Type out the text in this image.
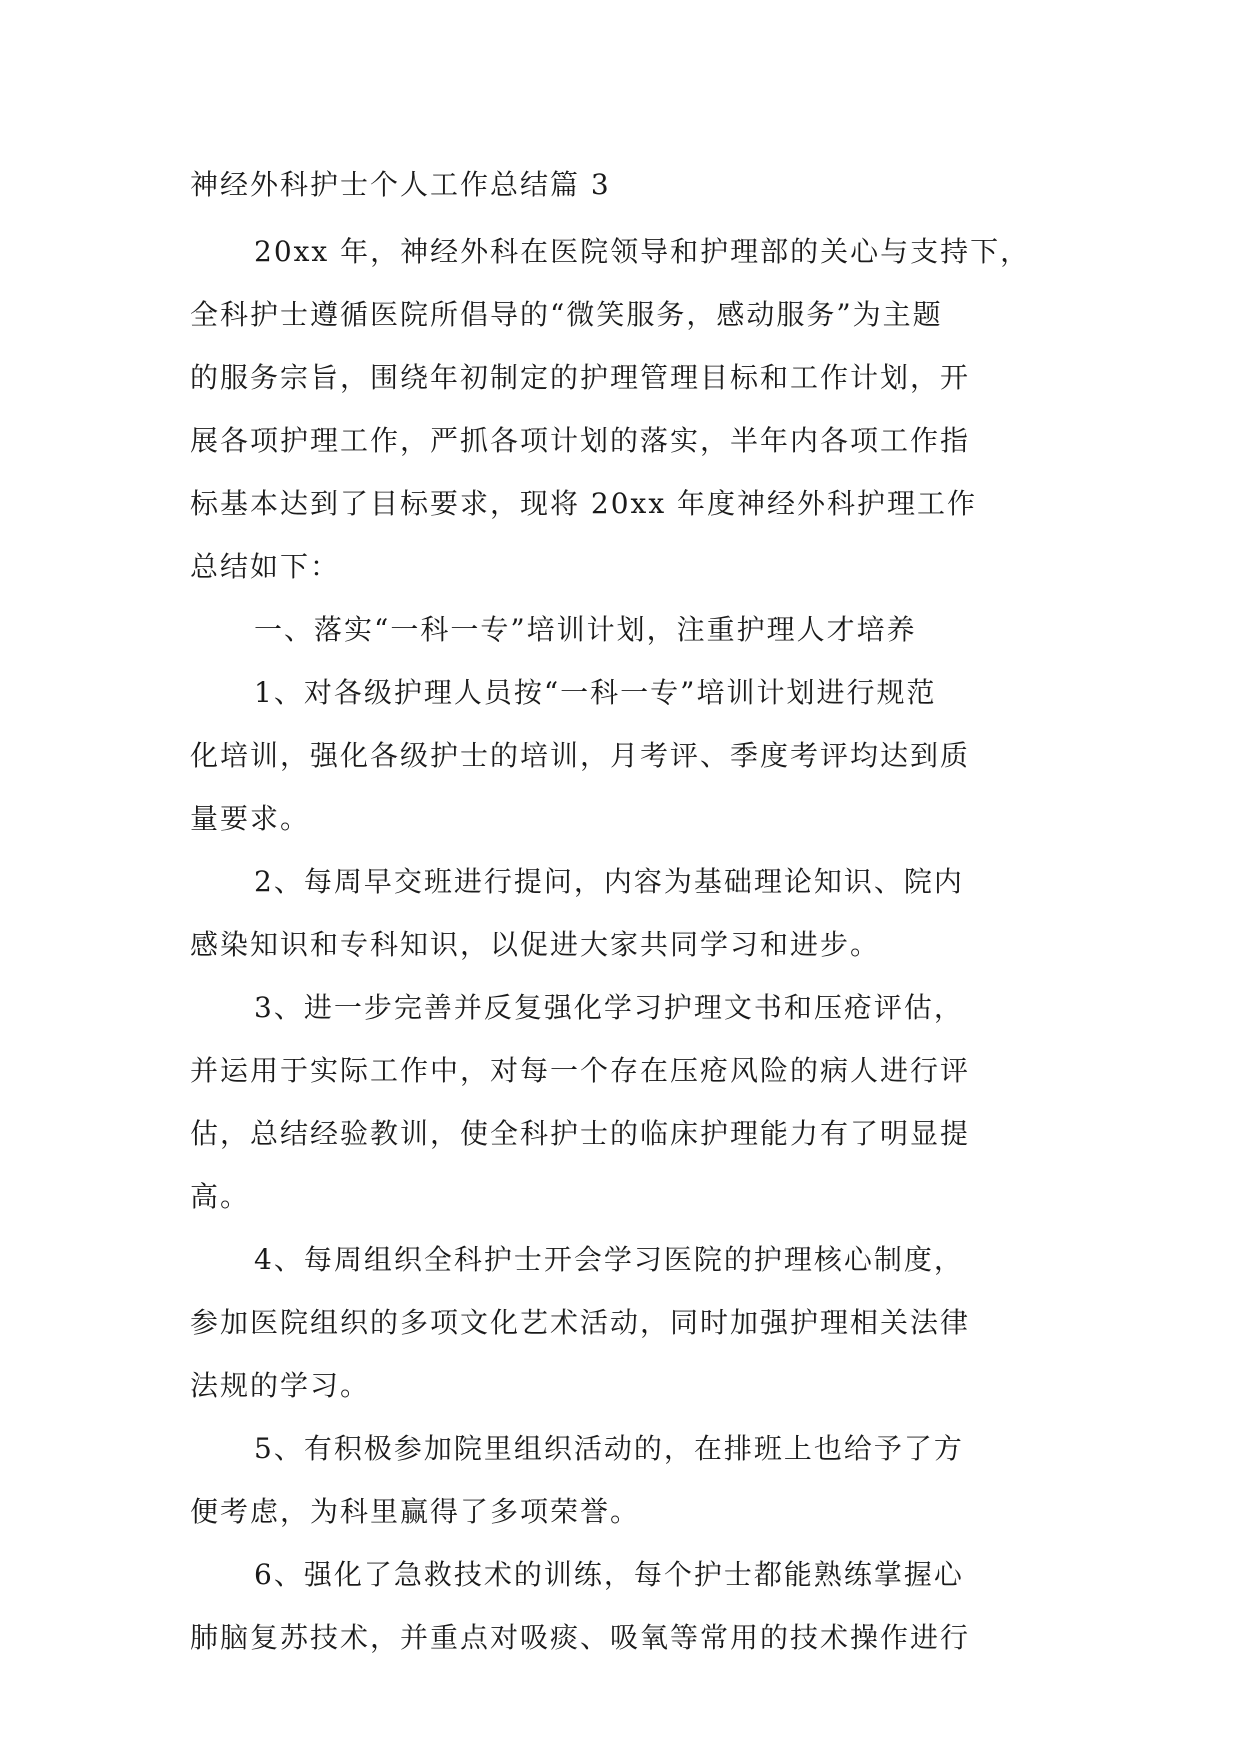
神经外科护士个人工作总结篇 3
20xx 年，神经外科在医院领导和护理部的关心与支持下，
全科护士遵循医院所倡导的“微笑服务，感动服务”为主题
的服务宗旨，围绕年初制定的护理管理目标和工作计划，开
展各项护理工作，严抓各项计划的落实，半年内各项工作指
标基本达到了目标要求，现将 20xx 年度神经外科护理工作
总结如下：
一、落实“一科一专”培训计划，注重护理人才培养
1、对各级护理人员按“一科一专”培训计划进行规范
化培训，强化各级护士的培训，月考评、季度考评均达到质
量要求。
2、每周早交班进行提问，内容为基础理论知识、院内
感染知识和专科知识，以促进大家共同学习和进步。
3、进一步完善并反复强化学习护理文书和压疮评估，
并运用于实际工作中，对每一个存在压疮风险的病人进行评
估，总结经验教训，使全科护士的临床护理能力有了明显提
高。
4、每周组织全科护士开会学习医院的护理核心制度，
参加医院组织的多项文化艺术活动，同时加强护理相关法律
法规的学习。
5、有积极参加院里组织活动的，在排班上也给予了方
便考虑，为科里赢得了多项荣誉。
6、强化了急救技术的训练，每个护士都能熟练掌握心
肺脑复苏技术，并重点对吸痰、吸氧等常用的技术操作进行
